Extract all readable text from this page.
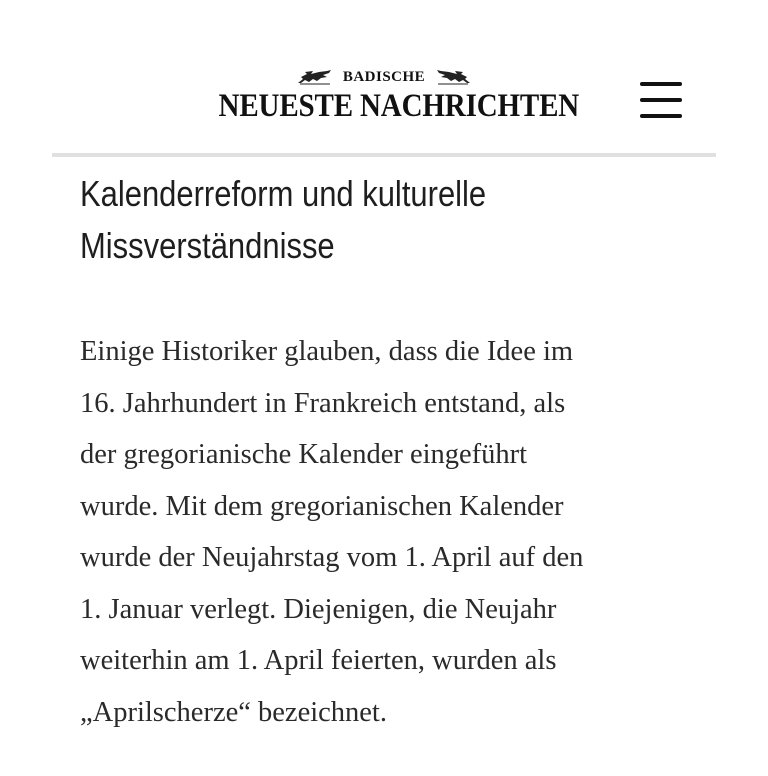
BADISCHE
NEUESTE NACHRICHTEN
Kalenderreform und kulturelle
Missverständnisse
Einige Historiker glauben, dass die Idee im
16. Jahrhundert in Frankreich entstand, als
der gregorianische Kalender eingeführt
wurde. Mit dem gregorianischen Kalender
wurde der Neujahrstag vom 1. April auf den
1. Januar verlegt. Diejenigen, die Neujahr
weiterhin am 1. April feierten, wurden als
„Aprilscherze“ bezeichnet.
